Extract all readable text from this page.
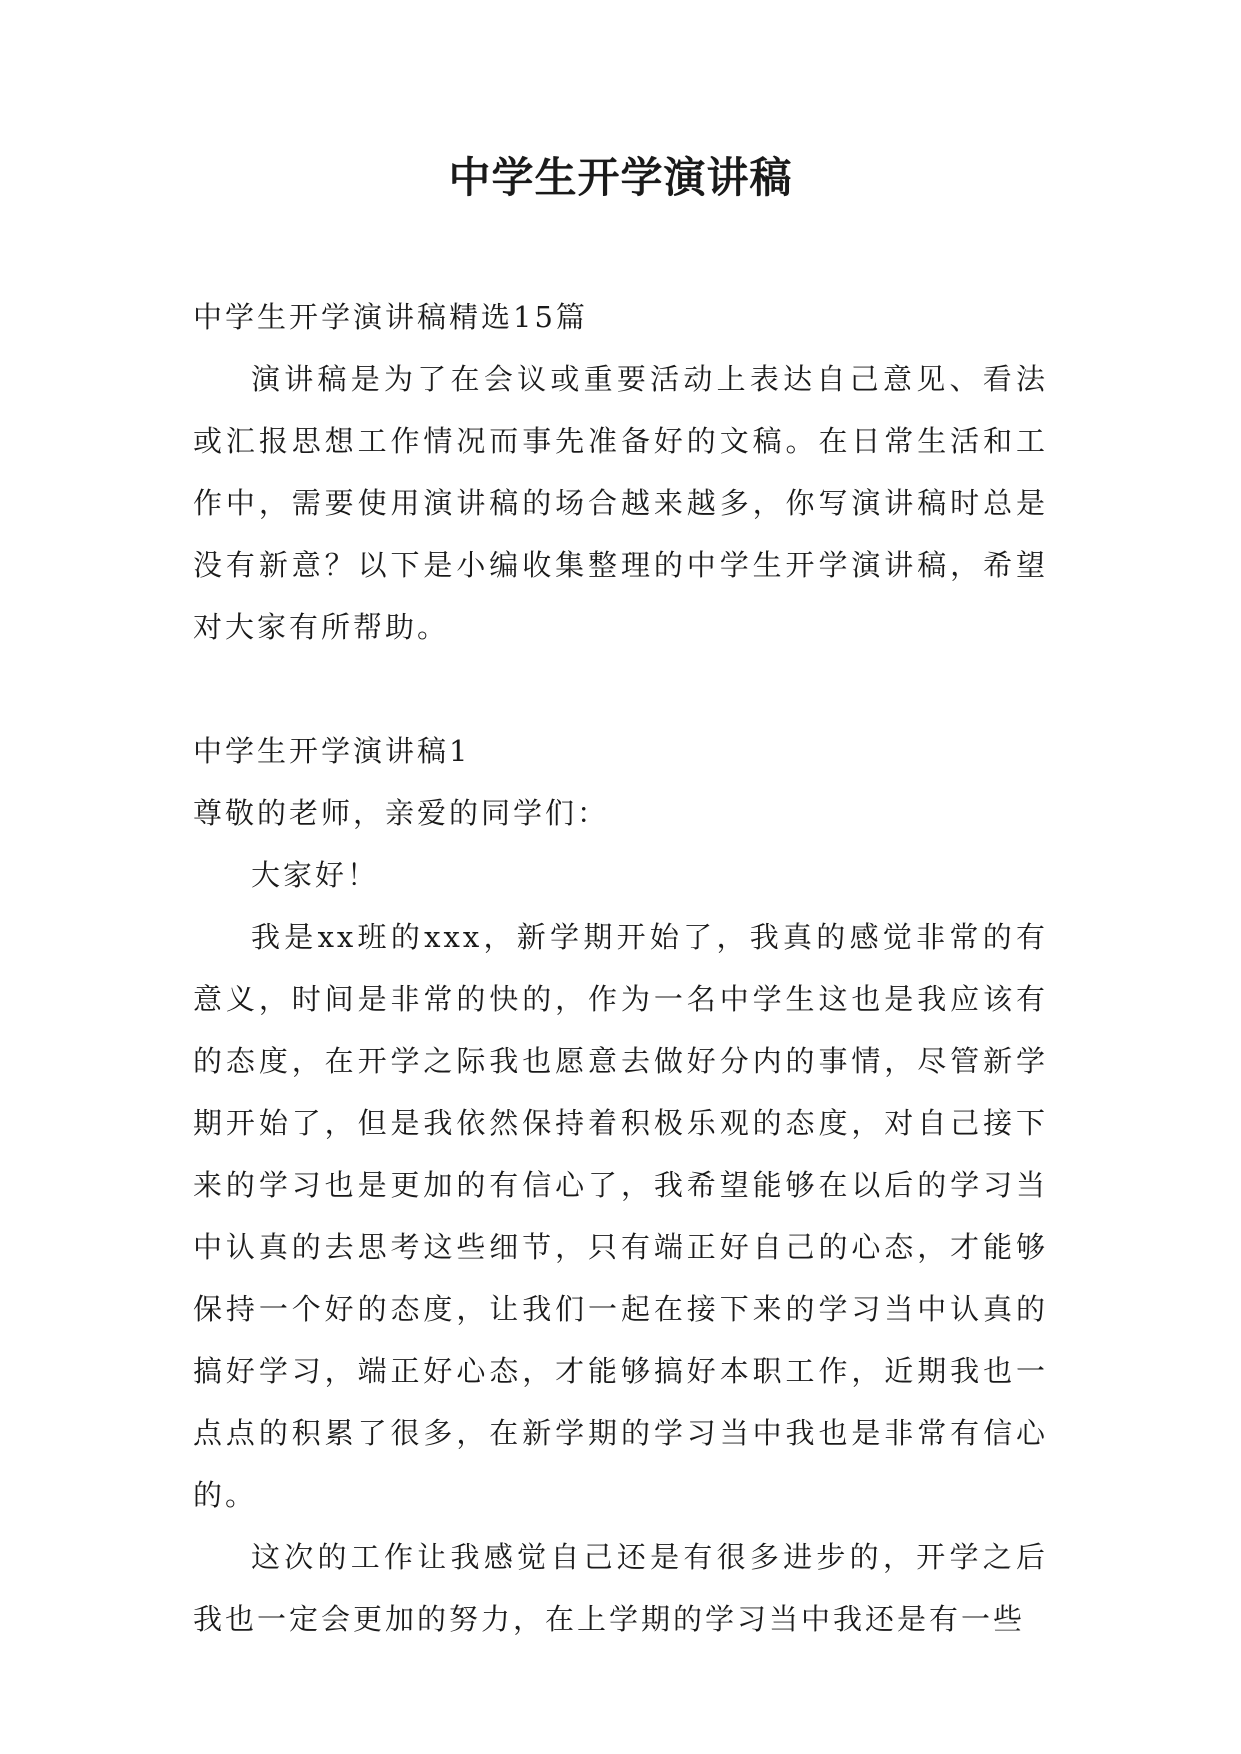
中学生开学演讲稿

中学生开学演讲稿精选15篇

演讲稿是为了在会议或重要活动上表达自己意见、看法或汇报思想工作情况而事先准备好的文稿。在日常生活和工作中，需要使用演讲稿的场合越来越多，你写演讲稿时总是没有新意？以下是小编收集整理的中学生开学演讲稿，希望对大家有所帮助。

中学生开学演讲稿1

尊敬的老师，亲爱的同学们：

大家好！

我是xx班的xxx，新学期开始了，我真的感觉非常的有意义，时间是非常的快的，作为一名中学生这也是我应该有的态度，在开学之际我也愿意去做好分内的事情，尽管新学期开始了，但是我依然保持着积极乐观的态度，对自己接下来的学习也是更加的有信心了，我希望能够在以后的学习当中认真的去思考这些细节，只有端正好自己的心态，才能够保持一个好的态度，让我们一起在接下来的学习当中认真的搞好学习，端正好心态，才能够搞好本职工作，近期我也一点点的积累了很多，在新学期的学习当中我也是非常有信心的。

这次的工作让我感觉自己还是有很多进步的，开学之后我也一定会更加的努力，在上学期的学习当中我还是有一些
